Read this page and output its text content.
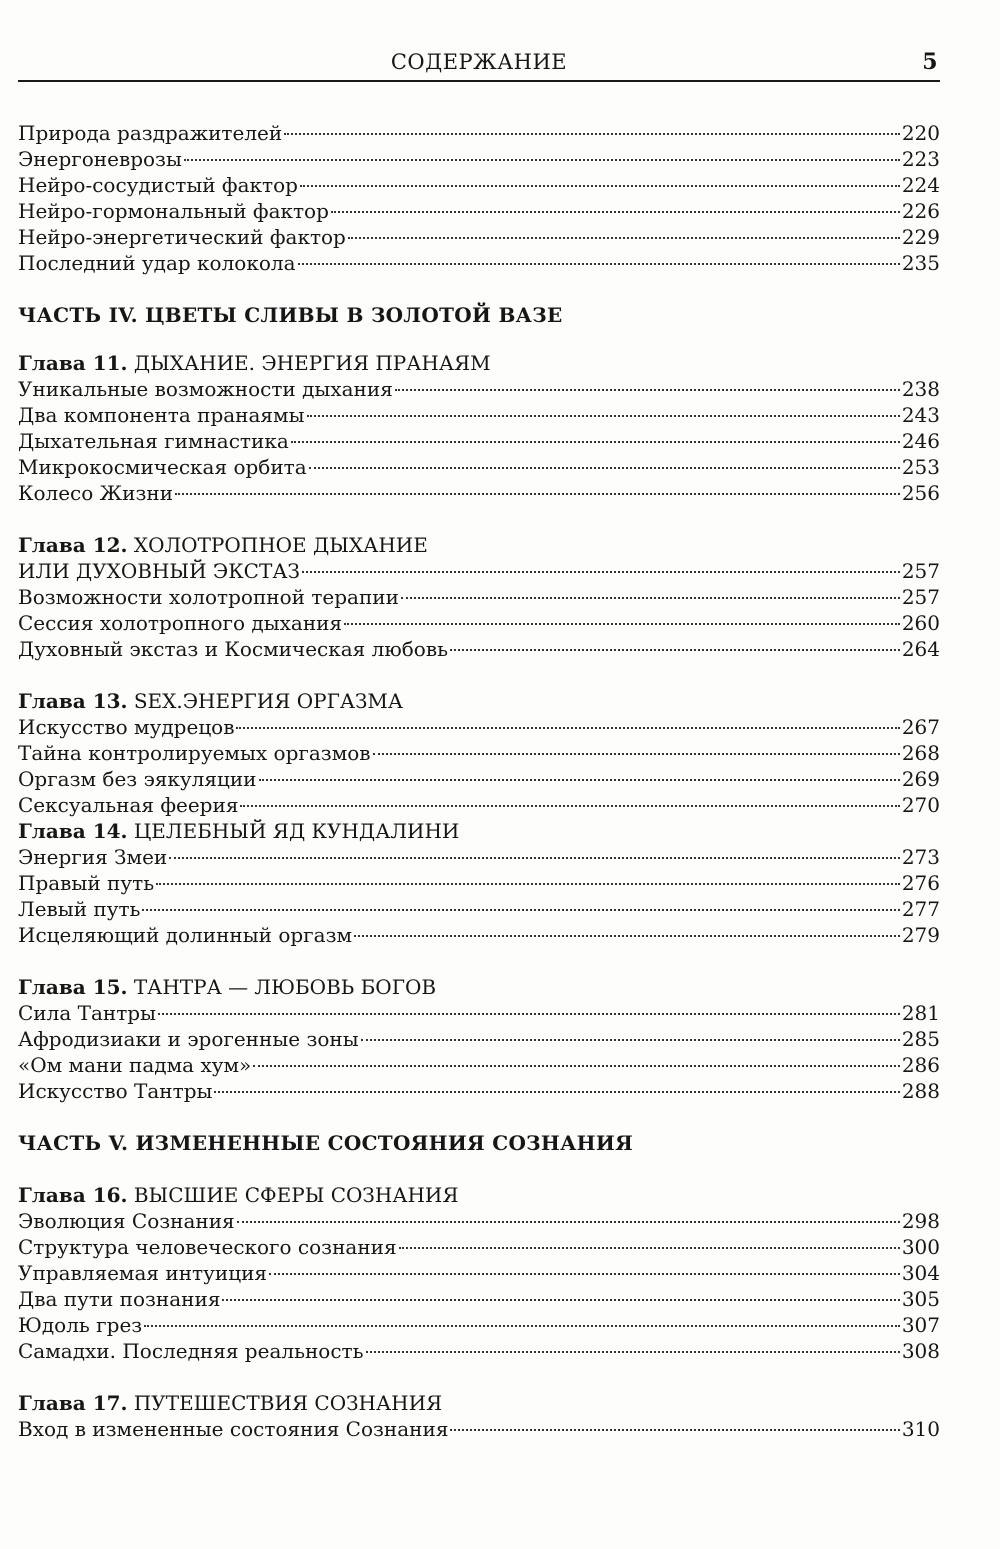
СОДЕРЖАНИЕ	5
Природа раздражителей	220
Энергоневрозы	223
Нейро-сосудистый фактор	224
Нейро-гормональный фактор	226
Нейро-энергетический фактор	229
Последний удар колокола	235
ЧАСТЬ IV. ЦВЕТЫ СЛИВЫ В ЗОЛОТОЙ ВАЗЕ
Глава 11. ДЫХАНИЕ. ЭНЕРГИЯ ПРАНАЯМ
Уникальные возможности дыхания	238
Два компонента пранаямы	243
Дыхательная гимнастика	246
Микрокосмическая орбита	253
Колесо Жизни	256
Глава 12. ХОЛОТРОПНОЕ ДЫХАНИЕ
ИЛИ ДУХОВНЫЙ ЭКСТАЗ	257
Возможности холотропной терапии	257
Сессия холотропного дыхания	260
Духовный экстаз и Космическая любовь	264
Глава 13. SEX.ЭНЕРГИЯ ОРГАЗМА
Искусство мудрецов	267
Тайна контролируемых оргазмов	268
Оргазм без эякуляции	269
Сексуальная феерия	270
Глава 14. ЦЕЛЕБНЫЙ ЯД КУНДАЛИНИ
Энергия Змеи	273
Правый путь	276
Левый путь	277
Исцеляющий долинный оргазм	279
Глава 15. ТАНТРА — ЛЮБОВЬ БОГОВ
Сила Тантры	281
Афродизиаки и эрогенные зоны	285
«Ом мани падма хум»	286
Искусство Тантры	288
ЧАСТЬ V. ИЗМЕНЕННЫЕ СОСТОЯНИЯ СОЗНАНИЯ
Глава 16. ВЫСШИЕ СФЕРЫ СОЗНАНИЯ
Эволюция Сознания	298
Структура человеческого сознания	300
Управляемая интуиция	304
Два пути познания	305
Юдоль грез	307
Самадхи. Последняя реальность	308
Глава 17. ПУТЕШЕСТВИЯ СОЗНАНИЯ
Вход в измененные состояния Сознания	310
